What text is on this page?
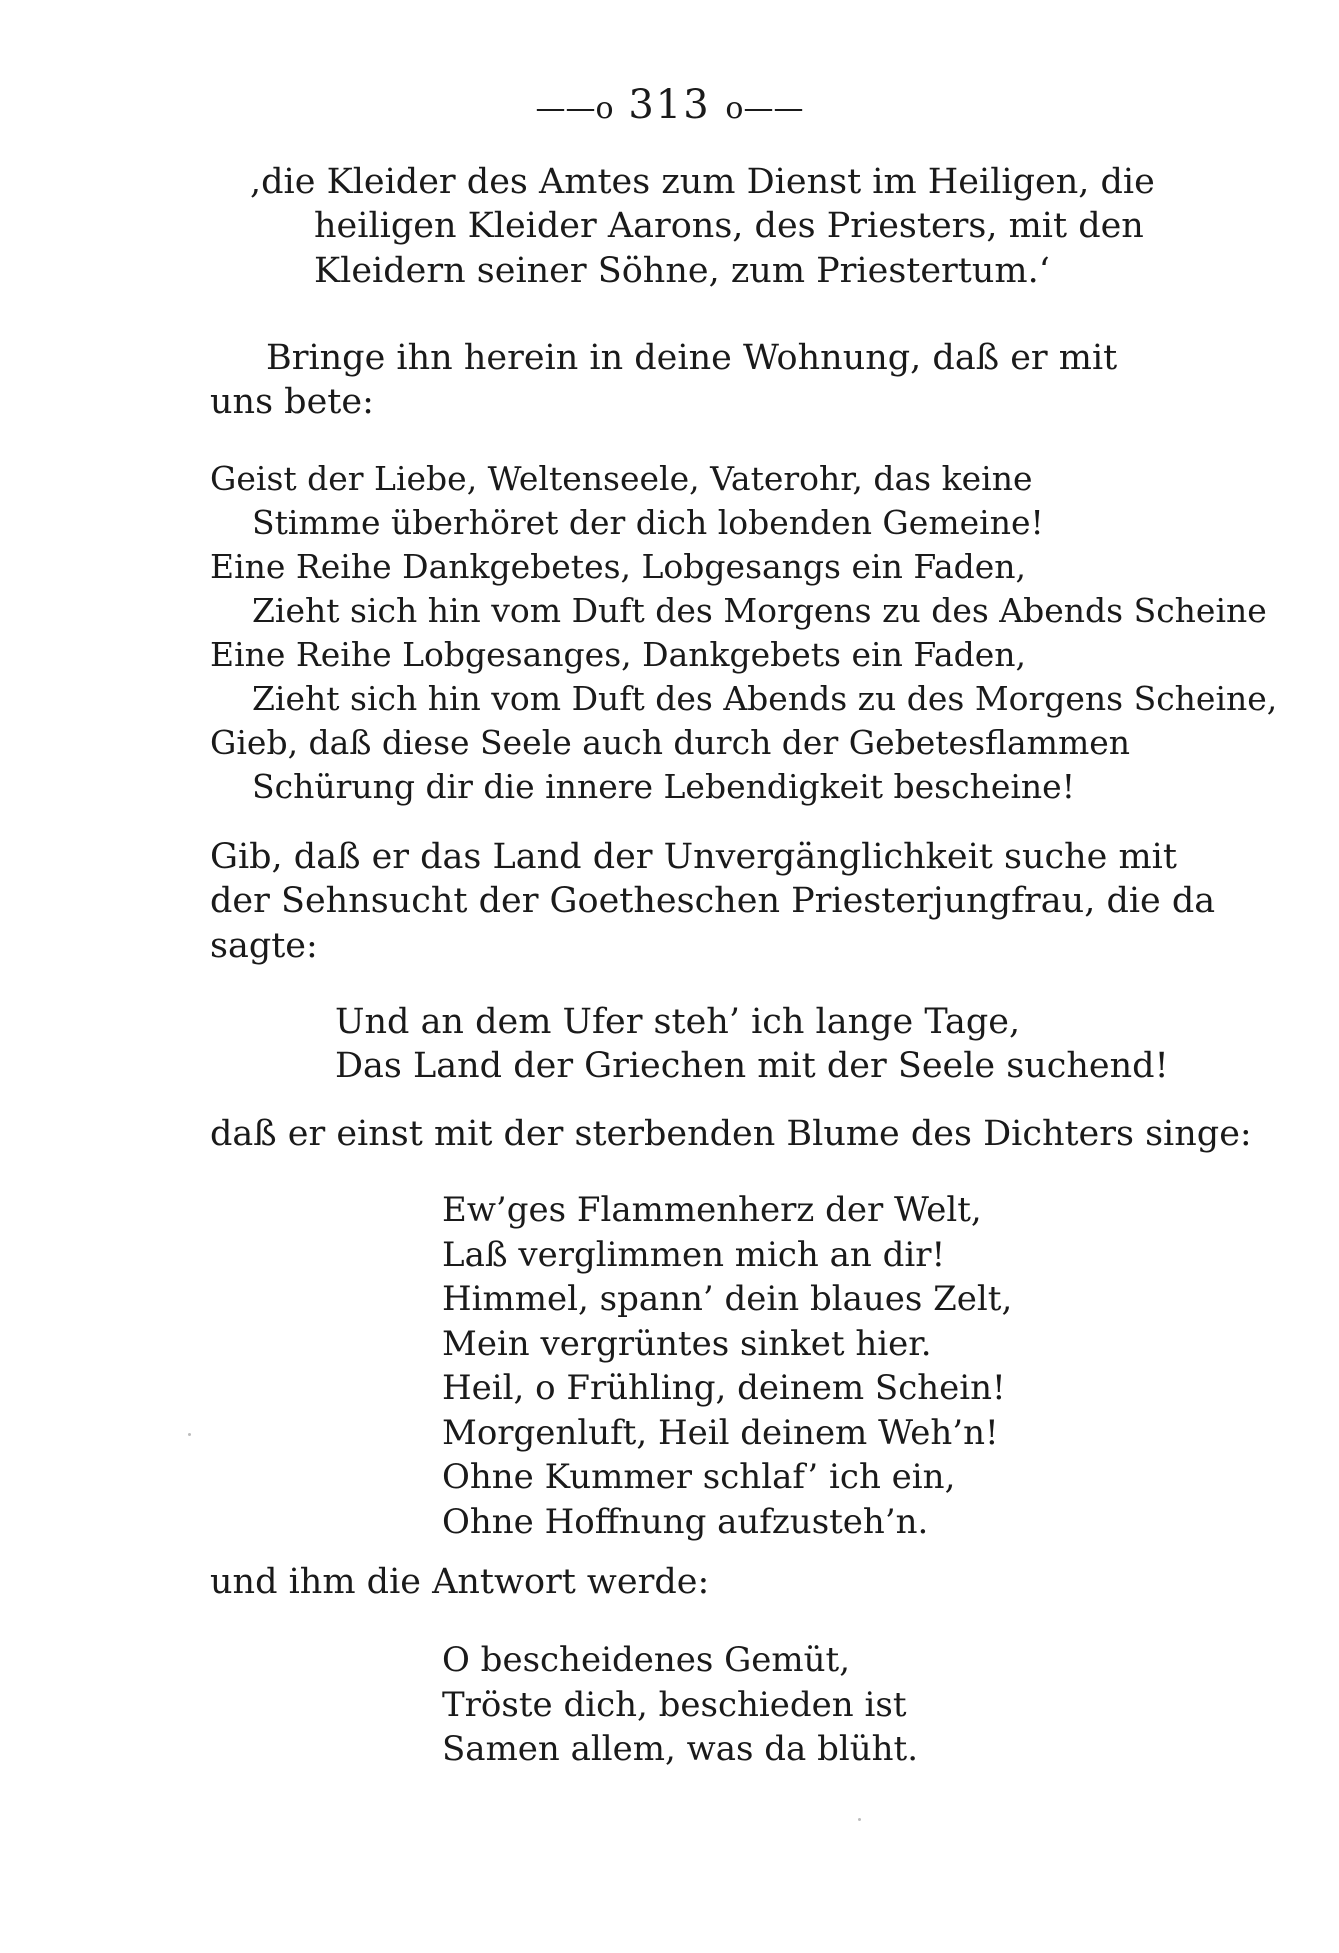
——o 313 o——
,die Kleider des Amtes zum Dienst im Heiligen, die
heiligen Kleider Aarons, des Priesters, mit den
Kleidern seiner Söhne, zum Priestertum.‘
Bringe ihn herein in deine Wohnung, daß er mit
uns bete:
Geist der Liebe, Weltenseele, Vaterohr, das keine
Stimme überhöret der dich lobenden Gemeine!
Eine Reihe Dankgebetes, Lobgesangs ein Faden,
Zieht sich hin vom Duft des Morgens zu des Abends Scheine
Eine Reihe Lobgesanges, Dankgebets ein Faden,
Zieht sich hin vom Duft des Abends zu des Morgens Scheine,
Gieb, daß diese Seele auch durch der Gebetesflammen
Schürung dir die innere Lebendigkeit bescheine!
Gib, daß er das Land der Unvergänglichkeit suche mit
der Sehnsucht der Goetheschen Priesterjungfrau, die da
sagte:
Und an dem Ufer steh’ ich lange Tage,
Das Land der Griechen mit der Seele suchend!
daß er einst mit der sterbenden Blume des Dichters singe:
Ew’ges Flammenherz der Welt,
Laß verglimmen mich an dir!
Himmel, spann’ dein blaues Zelt,
Mein vergrüntes sinket hier.
Heil, o Frühling, deinem Schein!
Morgenluft, Heil deinem Weh’n!
Ohne Kummer schlaf’ ich ein,
Ohne Hoffnung aufzusteh’n.
und ihm die Antwort werde:
O bescheidenes Gemüt,
Tröste dich, beschieden ist
Samen allem, was da blüht.
